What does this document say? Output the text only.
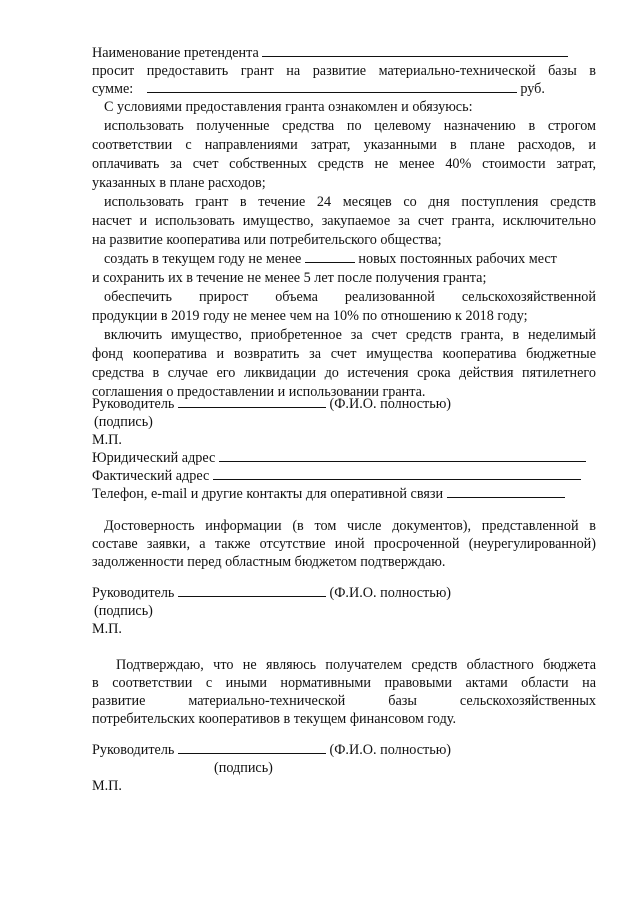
Наименование претендента
просит предоставить грант на развитие материально-технической базы в
сумме:	руб.
С условиями предоставления гранта ознакомлен и обязуюсь:
использовать полученные средства по целевому назначению в строгом
соответствии с направлениями затрат, указанными в плане расходов, и
оплачивать за счет собственных средств не менее 40% стоимости затрат,
указанных в плане расходов;
использовать грант в течение 24 месяцев со дня поступления средств
насчет и использовать имущество, закупаемое за счет гранта, исключительно
на развитие кооператива или потребительского общества;
создать в текущем году не менее	новых постоянных рабочих мест
и сохранить их в течение не менее 5 лет после получения гранта;
обеспечить прирост объема реализованной сельскохозяйственной
продукции в 2019 году не менее чем на 10% по отношению к 2018 году;
включить имущество, приобретенное за счет средств гранта, в неделимый
фонд кооператива и возвратить за счет имущества кооператива бюджетные
средства в случае его ликвидации до истечения срока действия пятилетнего
соглашения о предоставлении и использовании гранта.
Руководитель	(Ф.И.О. полностью)
(подпись)
М.П.
Юридический адрес
Фактический адрес
Телефон, e-mail и другие контакты для оперативной связи
Достоверность информации (в том числе документов), представленной в
составе заявки, а также отсутствие иной просроченной (неурегулированной)
задолженности перед областным бюджетом подтверждаю.
Руководитель	(Ф.И.О. полностью)
(подпись)
М.П.
Подтверждаю, что не являюсь получателем средств областного бюджета
в соответствии с иными нормативными правовыми актами области на
развитие материально-технической базы сельскохозяйственных
потребительских кооперативов в текущем финансовом году.
Руководитель	(Ф.И.О. полностью)
(подпись)
М.П.
